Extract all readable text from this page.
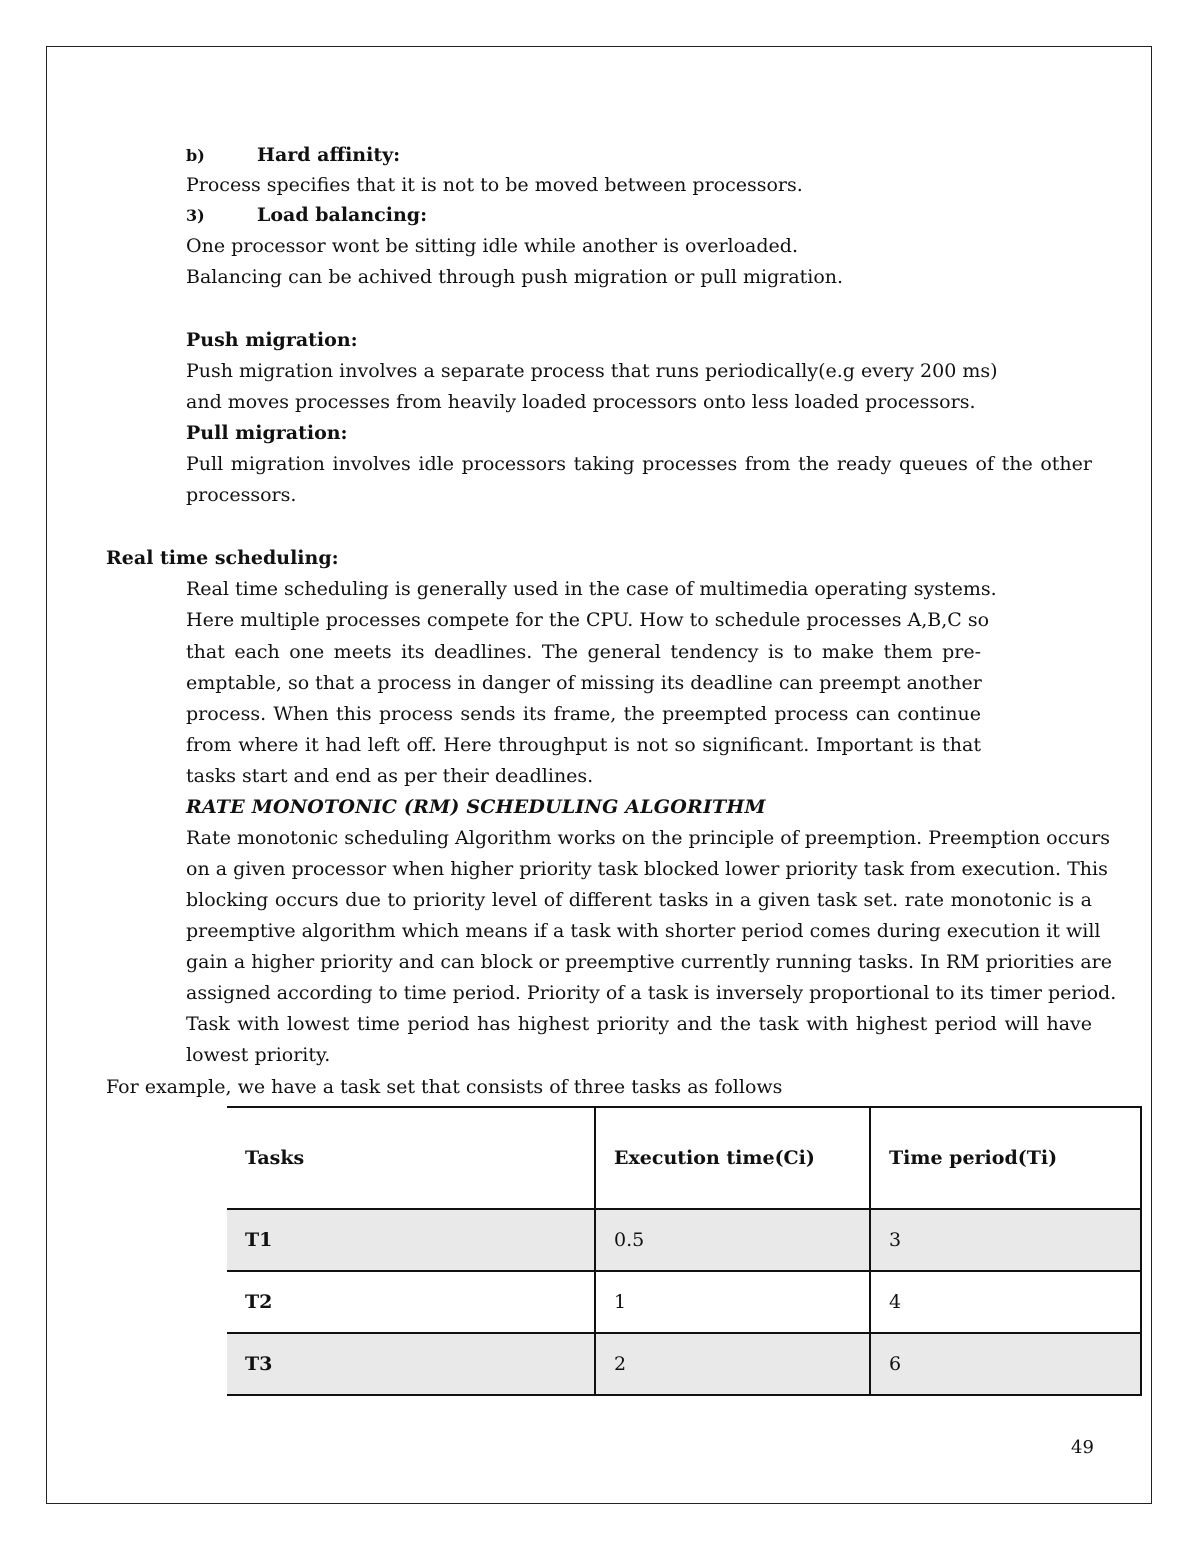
b)	Hard affinity:
Process specifies that it is not to be moved between processors.
3)	Load balancing:
One processor wont be sitting idle while another is overloaded.
Balancing can be achived through push migration or pull migration.
Push migration:
Push migration involves a separate process that runs periodically(e.g every 200 ms)
and moves processes from heavily loaded processors onto less loaded processors.
Pull migration:
Pull migration involves idle processors taking processes from the ready queues of the other
processors.
Real time scheduling:
Real time scheduling is generally used in the case of multimedia operating systems.
Here multiple processes compete for the CPU. How to schedule processes A,B,C so
that each one meets its deadlines. The general tendency is to make them pre-
emptable, so that a process in danger of missing its deadline can preempt another
process. When this process sends its frame, the preempted process can continue
from where it had left off. Here throughput is not so significant. Important is that
tasks start and end as per their deadlines.
RATE MONOTONIC (RM) SCHEDULING ALGORITHM
Rate monotonic scheduling Algorithm works on the principle of preemption. Preemption occurs
on a given processor when higher priority task blocked lower priority task from execution. This
blocking occurs due to priority level of different tasks in a given task set. rate monotonic is a
preemptive algorithm which means if a task with shorter period comes during execution it will
gain a higher priority and can block or preemptive currently running tasks. In RM priorities are
assigned according to time period. Priority of a task is inversely proportional to its timer period.
Task with lowest time period has highest priority and the task with highest period will have
lowest priority.
For example, we have a task set that consists of three tasks as follows
Tasks	Execution time(Ci)	Time period(Ti)
T1	0.5	3
T2	1	4
T3	2	6
49
